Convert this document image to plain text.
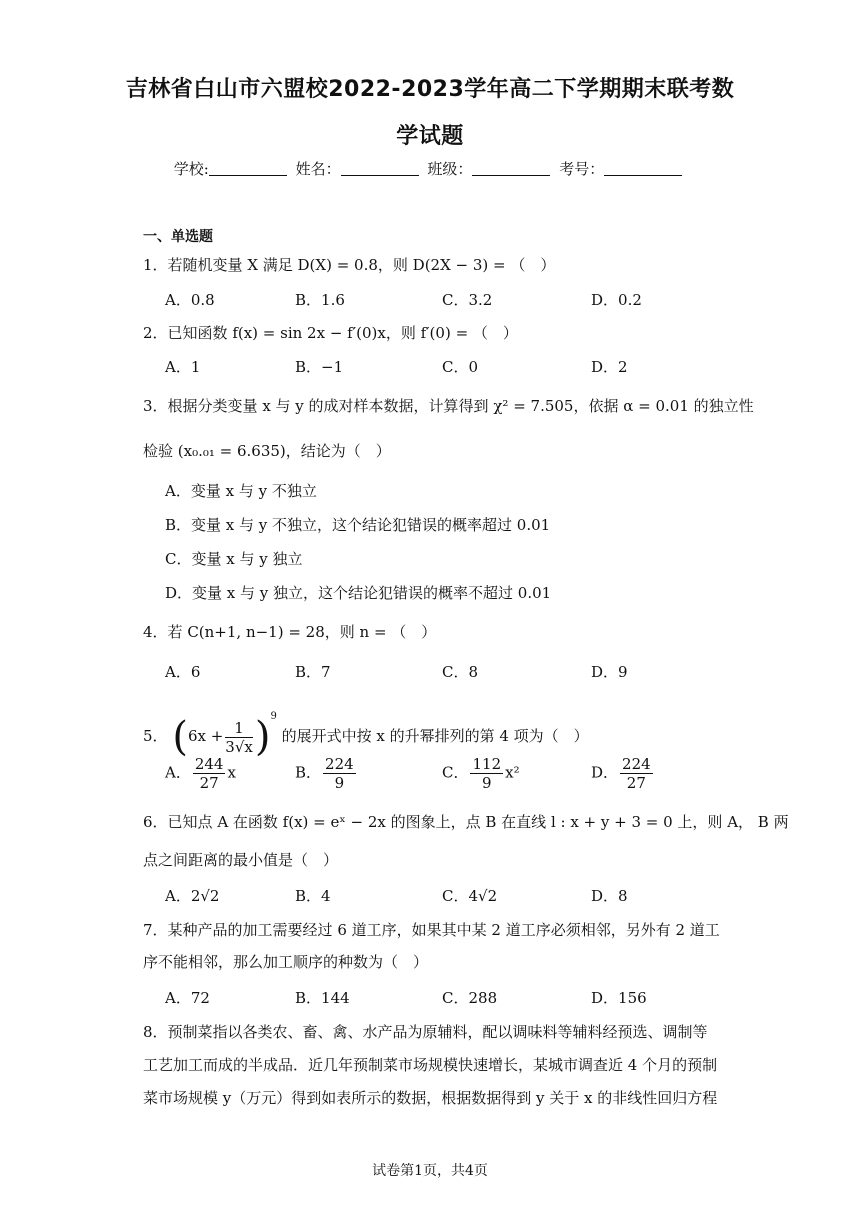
吉林省白山市六盟校2022-2023学年高二下学期期末联考数
学试题
学校:	姓名：	班级：	考号：
一、单选题
1．若随机变量 X 满足 D(X) = 0.8，则 D(2X − 3) = （　）
A．0.8	B．1.6	C．3.2	D．0.2
2．已知函数 f(x) = sin 2x − f′(0)x，则 f′(0) = （　）
A．1	B．−1	C．0	D．2
3．根据分类变量 x 与 y 的成对样本数据，计算得到 χ² = 7.505，依据 α = 0.01 的独立性
检验 (x₀.₀₁ = 6.635)，结论为（　）
A．变量 x 与 y 不独立
B．变量 x 与 y 不独立，这个结论犯错误的概率超过 0.01
C．变量 x 与 y 独立
D．变量 x 与 y 独立，这个结论犯错误的概率不超过 0.01
4．若 C(n+1, n−1) = 28，则 n = （　）
A．6	B．7	C．8	D．9
5． $(6x + \frac{1}{3√x} )^9$ 的展开式中按 x 的升幂排列的第 4 项为（　）
A． $\frac{244}{27}$ x	B． $\frac{224}{9}$	C． $\frac{112}{9} x^2$	D． $\frac{224}{27}$
6．已知点 A 在函数 f(x) = eˣ − 2x 的图象上，点 B 在直线 l : x + y + 3 = 0 上，则 A， B 两
点之间距离的最小值是（　）
A．2√2	B．4	C．4√2	D．8
7．某种产品的加工需要经过 6 道工序，如果其中某 2 道工序必须相邻，另外有 2 道工
序不能相邻，那么加工顺序的种数为（　）
A．72	B．144	C．288	D．156
8．预制菜指以各类农、畜、禽、水产品为原辅料，配以调味料等辅料经预选、调制等
工艺加工而成的半成品．近几年预制菜市场规模快速增长，某城市调查近 4 个月的预制
菜市场规模 y（万元）得到如表所示的数据，根据数据得到 y 关于 x 的非线性回归方程
试卷第1页，共4页
